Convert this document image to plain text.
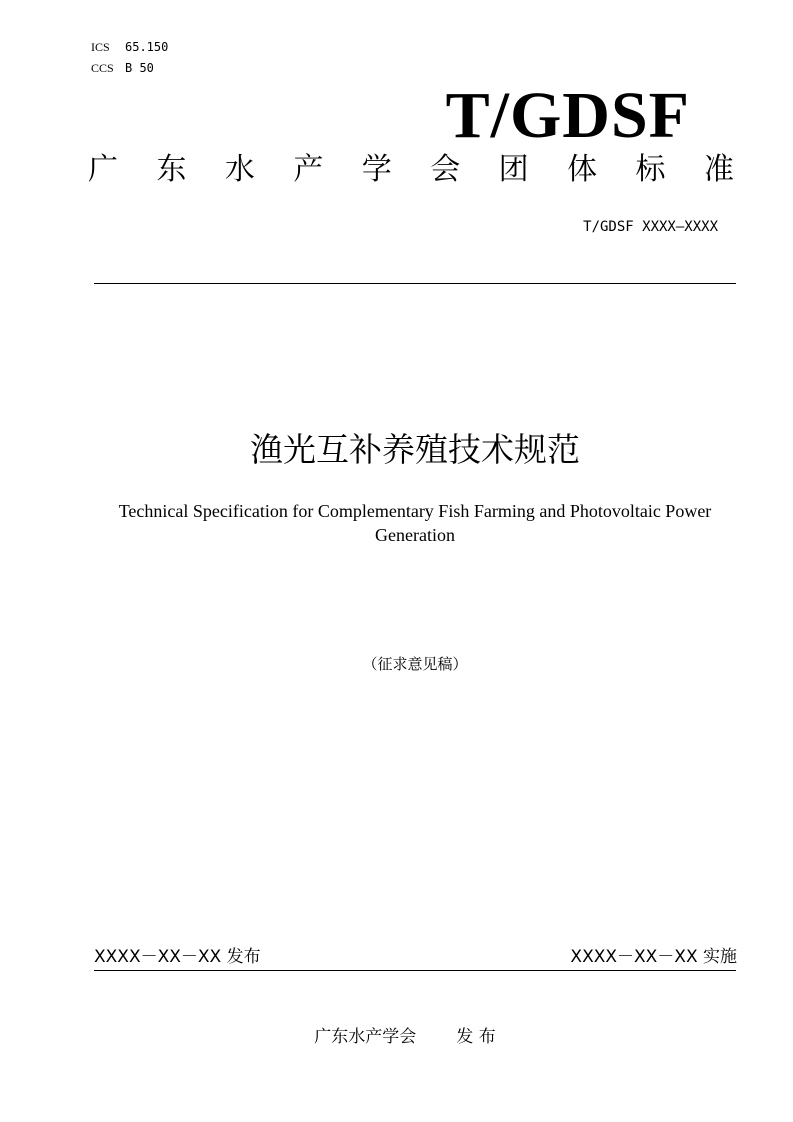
ICS 65.150
CCS B 50
T/GDSF
广 东 水 产 学 会 团 体 标 准
T/GDSF XXXX—XXXX
渔光互补养殖技术规范
Technical Specification for Complementary Fish Farming and Photovoltaic Power Generation
（征求意见稿）
XXXX－XX－XX 发布	XXXX－XX－XX 实施
广东水产学会 发 布
